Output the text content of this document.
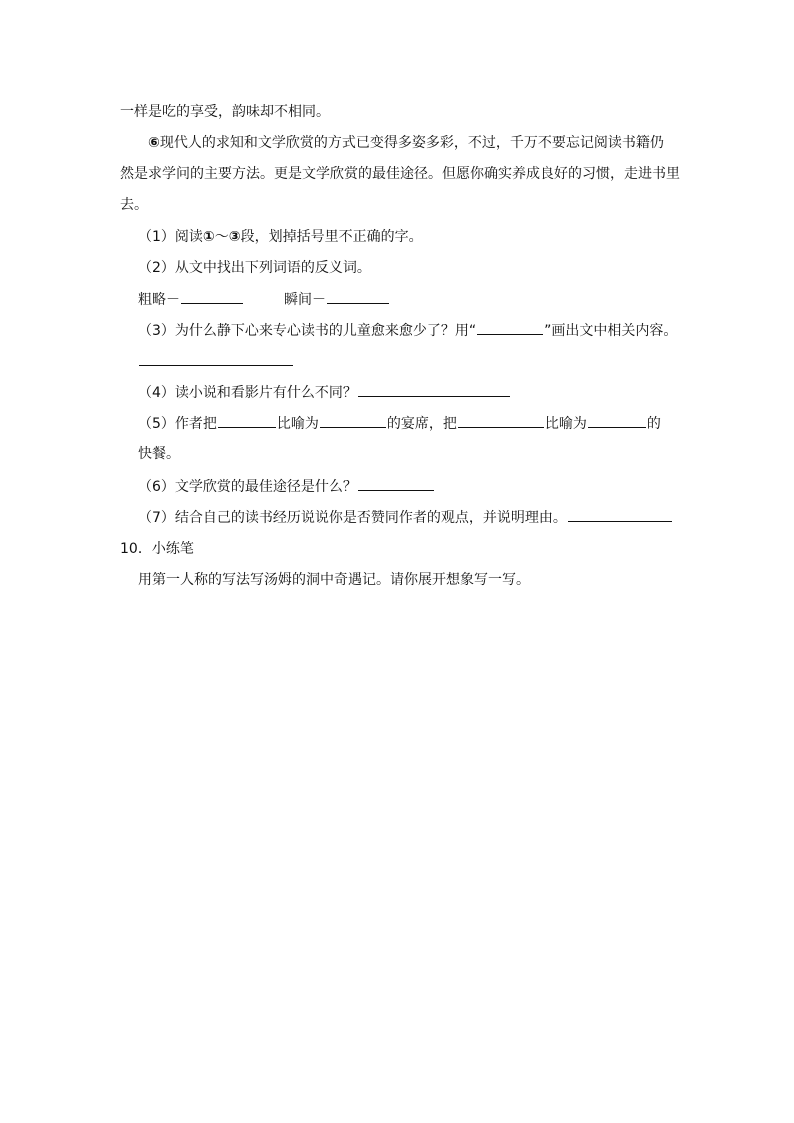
一样是吃的享受，韵味却不相同。
⑥现代人的求知和文学欣赏的方式已变得多姿多彩，不过，千万不要忘记阅读书籍仍
然是求学问的主要方法。更是文学欣赏的最佳途径。但愿你确实养成良好的习惯，走进书里
去。
（1）阅读①～③段，划掉括号里不正确的字。
（2）从文中找出下列词语的反义词。
粗略－	瞬间－
（3）为什么静下心来专心读书的儿童愈来愈少了？用“	”画出文中相关内容。
（4）读小说和看影片有什么不同？
（5）作者把	比喻为	的宴席，把	比喻为	的
快餐。
（6）文学欣赏的最佳途径是什么？
（7）结合自己的读书经历说说你是否赞同作者的观点，并说明理由。
10．小练笔
用第一人称的写法写汤姆的洞中奇遇记。请你展开想象写一写。
